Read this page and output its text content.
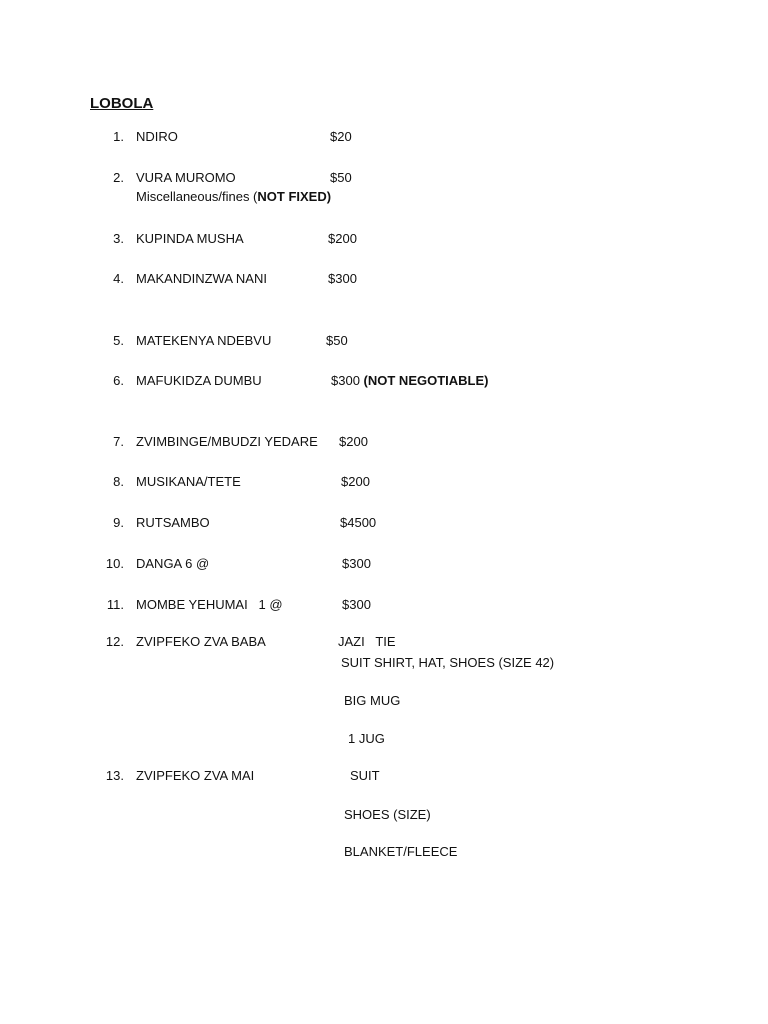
LOBOLA
1. NDIRO	$20
2. VURA MUROMO	$50
Miscellaneous/fines (NOT FIXED)
3. KUPINDA MUSHA	$200
4. MAKANDINZWA NANI	$300
5. MATEKENYA NDEBVU	$50
6. MAFUKIDZA DUMBU	$300 (NOT NEGOTIABLE)
7. ZVIMBINGE/MBUDZI YEDARE $200
8. MUSIKANA/TETE	$200
9. RUTSAMBO	$4500
10. DANGA 6 @	$300
11. MOMBE YEHUMAI   1 @	$300
12. ZVIPFEKO ZVA BABA	JAZI   TIE
SUIT SHIRT, HAT, SHOES (SIZE 42)
BIG MUG
1 JUG
13. ZVIPFEKO ZVA MAI	SUIT
SHOES (SIZE)
BLANKET/FLEECE
